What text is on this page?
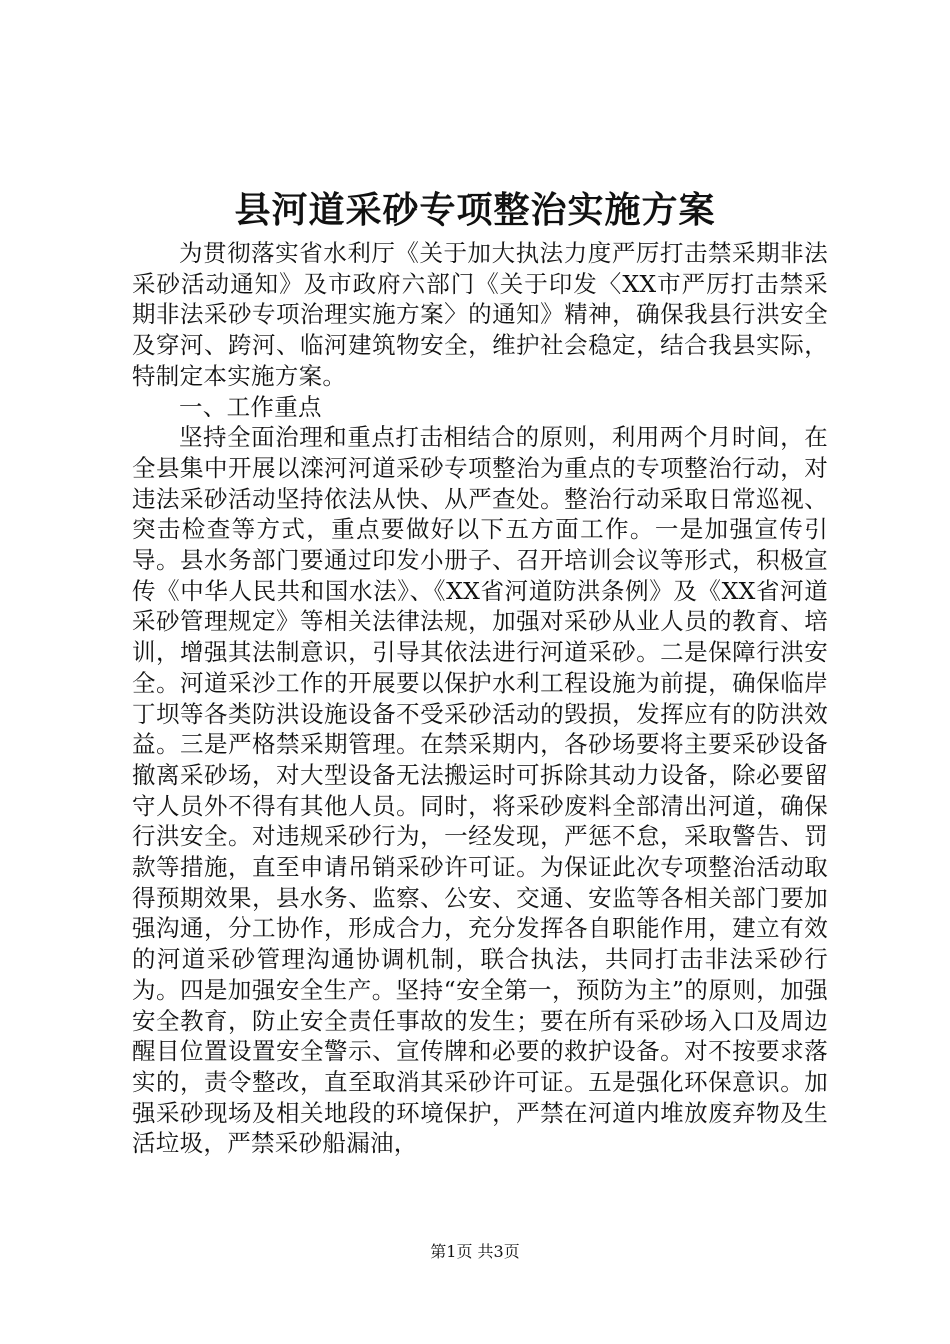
县河道采砂专项整治实施方案

为贯彻落实省水利厅《关于加大执法力度严厉打击禁采期非法采砂活动通知》及市政府六部门《关于印发〈XX市严厉打击禁采期非法采砂专项治理实施方案〉的通知》精神，确保我县行洪安全及穿河、跨河、临河建筑物安全，维护社会稳定，结合我县实际，特制定本实施方案。

一、工作重点

坚持全面治理和重点打击相结合的原则，利用两个月时间，在全县集中开展以滦河河道采砂专项整治为重点的专项整治行动，对违法采砂活动坚持依法从快、从严查处。整治行动采取日常巡视、突击检查等方式，重点要做好以下五方面工作。一是加强宣传引导。县水务部门要通过印发小册子、召开培训会议等形式，积极宣传《中华人民共和国水法》、《XX省河道防洪条例》及《XX省河道采砂管理规定》等相关法律法规，加强对采砂从业人员的教育、培训，增强其法制意识，引导其依法进行河道采砂。二是保障行洪安全。河道采沙工作的开展要以保护水利工程设施为前提，确保临岸丁坝等各类防洪设施设备不受采砂活动的毁损，发挥应有的防洪效益。三是严格禁采期管理。在禁采期内，各砂场要将主要采砂设备撤离采砂场，对大型设备无法搬运时可拆除其动力设备，除必要留守人员外不得有其他人员。同时，将采砂废料全部清出河道，确保行洪安全。对违规采砂行为，一经发现，严惩不怠，采取警告、罚款等措施，直至申请吊销采砂许可证。为保证此次专项整治活动取得预期效果，县水务、监察、公安、交通、安监等各相关部门要加强沟通，分工协作，形成合力，充分发挥各自职能作用，建立有效的河道采砂管理沟通协调机制，联合执法，共同打击非法采砂行为。四是加强安全生产。坚持“安全第一，预防为主”的原则，加强安全教育，防止安全责任事故的发生；要在所有采砂场入口及周边醒目位置设置安全警示、宣传牌和必要的救护设备。对不按要求落实的，责令整改，直至取消其采砂许可证。五是强化环保意识。加强采砂现场及相关地段的环境保护，严禁在河道内堆放废弃物及生活垃圾，严禁采砂船漏油，

第1页 共3页
